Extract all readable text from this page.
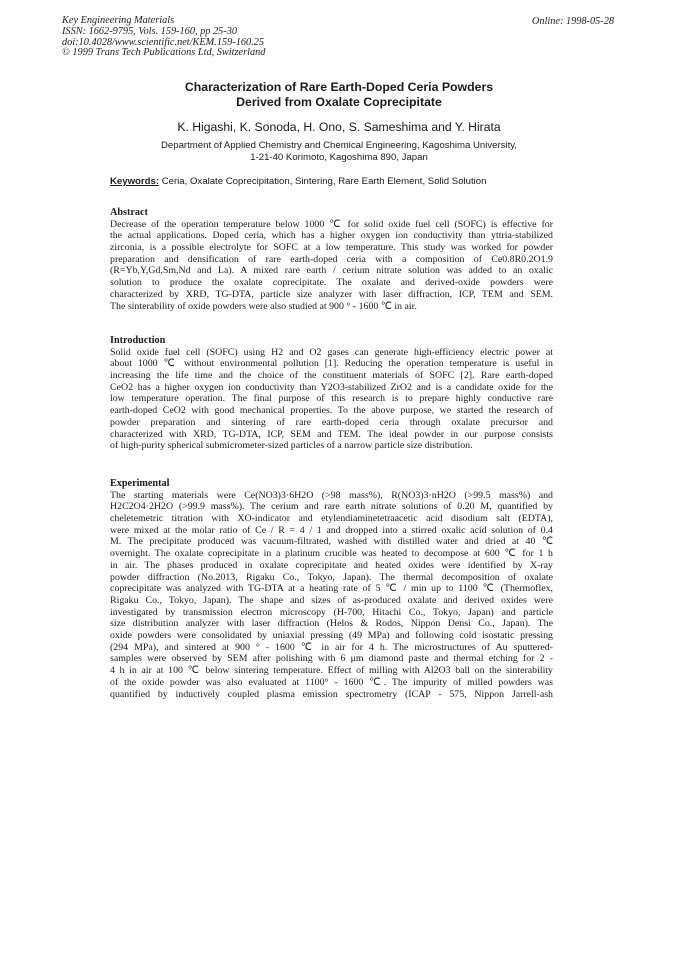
Key Engineering Materials
ISSN: 1662-9795, Vols. 159-160, pp 25-30
doi:10.4028/www.scientific.net/KEM.159-160.25
© 1999 Trans Tech Publications Ltd, Switzerland
Online: 1998-05-28
Characterization of Rare Earth-Doped Ceria Powders
Derived from Oxalate Coprecipitate
K. Higashi, K. Sonoda, H. Ono, S. Sameshima and Y. Hirata
Department of Applied Chemistry and Chemical Engineering, Kagoshima University,
1-21-40 Korimoto, Kagoshima 890, Japan
Keywords: Ceria, Oxalate Coprecipitation, Sintering, Rare Earth Element, Solid Solution
Abstract

Decrease of the operation temperature below 1000 ℃ for solid oxide fuel cell (SOFC) is effective for

the actual applications. Doped ceria, which has a higher oxygen ion conductivity than yttria-stabilized

zirconia, is a possible electrolyte for SOFC at a low temperature. This study was worked for powder

preparation and densification of rare earth-doped ceria with a composition of Ce0.8R0.2O1.9

(R=Yb,Y,Gd,Sm,Nd and La). A mixed rare earth / cerium nitrate solution was added to an oxalic

solution to produce the oxalate coprecipitate. The oxalate and derived-oxide powders were

characterized by XRD, TG-DTA, particle size analyzer with laser diffraction, ICP, TEM and SEM.

The sinterability of oxide powders were also studied at 900 ° - 1600 ℃ in air.

Introduction

Solid oxide fuel cell (SOFC) using H2 and O2 gases can generate high-efficiency electric power at

about 1000 ℃ without environmental pollution [1]. Reducing the operation temperature is useful in

increasing the life time and the choice of the constituent materials of SOFC [2]. Rare earth-doped

CeO2 has a higher oxygen ion conductivity than Y2O3-stabilized ZrO2 and is a candidate oxide for the

low temperature operation. The final purpose of this research is to prepare highly conductive rare

earth-doped CeO2 with good mechanical properties. To the above purpose, we started the research of

powder preparation and sintering of rare earth-doped ceria through oxalate precursor and

characterized with XRD, TG-DTA, ICP, SEM and TEM. The ideal powder in our purpose consists

of high-purity spherical submicrometer-sized particles of a narrow particle size distribution.

Experimental

The starting materials were Ce(NO3)3·6H2O (>98 mass%), R(NO3)3·nH2O (>99.5 mass%) and

H2C2O4·2H2O (>99.9 mass%). The cerium and rare earth nitrate solutions of 0.20 M, quantified by

cheletemetric titration with XO-indicator and etylendiaminetetraacetic acid disodium salt (EDTA),

were mixed at the molar ratio of Ce / R = 4 / 1 and dropped into a stirred oxalic acid solution of 0.4

M. The precipitate produced was vacuum-filtrated, washed with distilled water and dried at 40 ℃

overnight. The oxalate coprecipitate in a platinum crucible was heated to decompose at 600 ℃ for 1 h

in air. The phases produced in oxalate coprecipitate and heated oxides were identified by X-ray

powder diffraction (No.2013, Rigaku Co., Tokyo, Japan). The thermal decomposition of oxalate

coprecipitate was analyzed with TG-DTA at a heating rate of 5 ℃ / min up to 1100 ℃ (Thermoflex,

Rigaku Co., Tokyo, Japan). The shape and sizes of as-produced oxalate and derived oxides were

investigated by transmission electron microscopy (H-700, Hitachi Co., Tokyo, Japan) and particle

size distribution analyzer with laser diffraction (Helos & Rodos, Nippon Densi Co., Japan). The

oxide powders were consolidated by uniaxial pressing (49 MPa) and following cold isostatic pressing

(294 MPa), and sintered at 900 ° - 1600 ℃ in air for 4 h. The microstructures of Au sputtered-

samples were observed by SEM after polishing with 6 μm diamond paste and thermal etching for 2 -

4 h in air at 100 ℃ below sintering temperature. Effect of milling with Al2O3 ball on the sinterability

of the oxide powder was also evaluated at 1100° - 1600 ℃. The impurity of milled powders was

quantified by inductively coupled plasma emission spectrometry (ICAP - 575, Nippon Jarrell-ash
